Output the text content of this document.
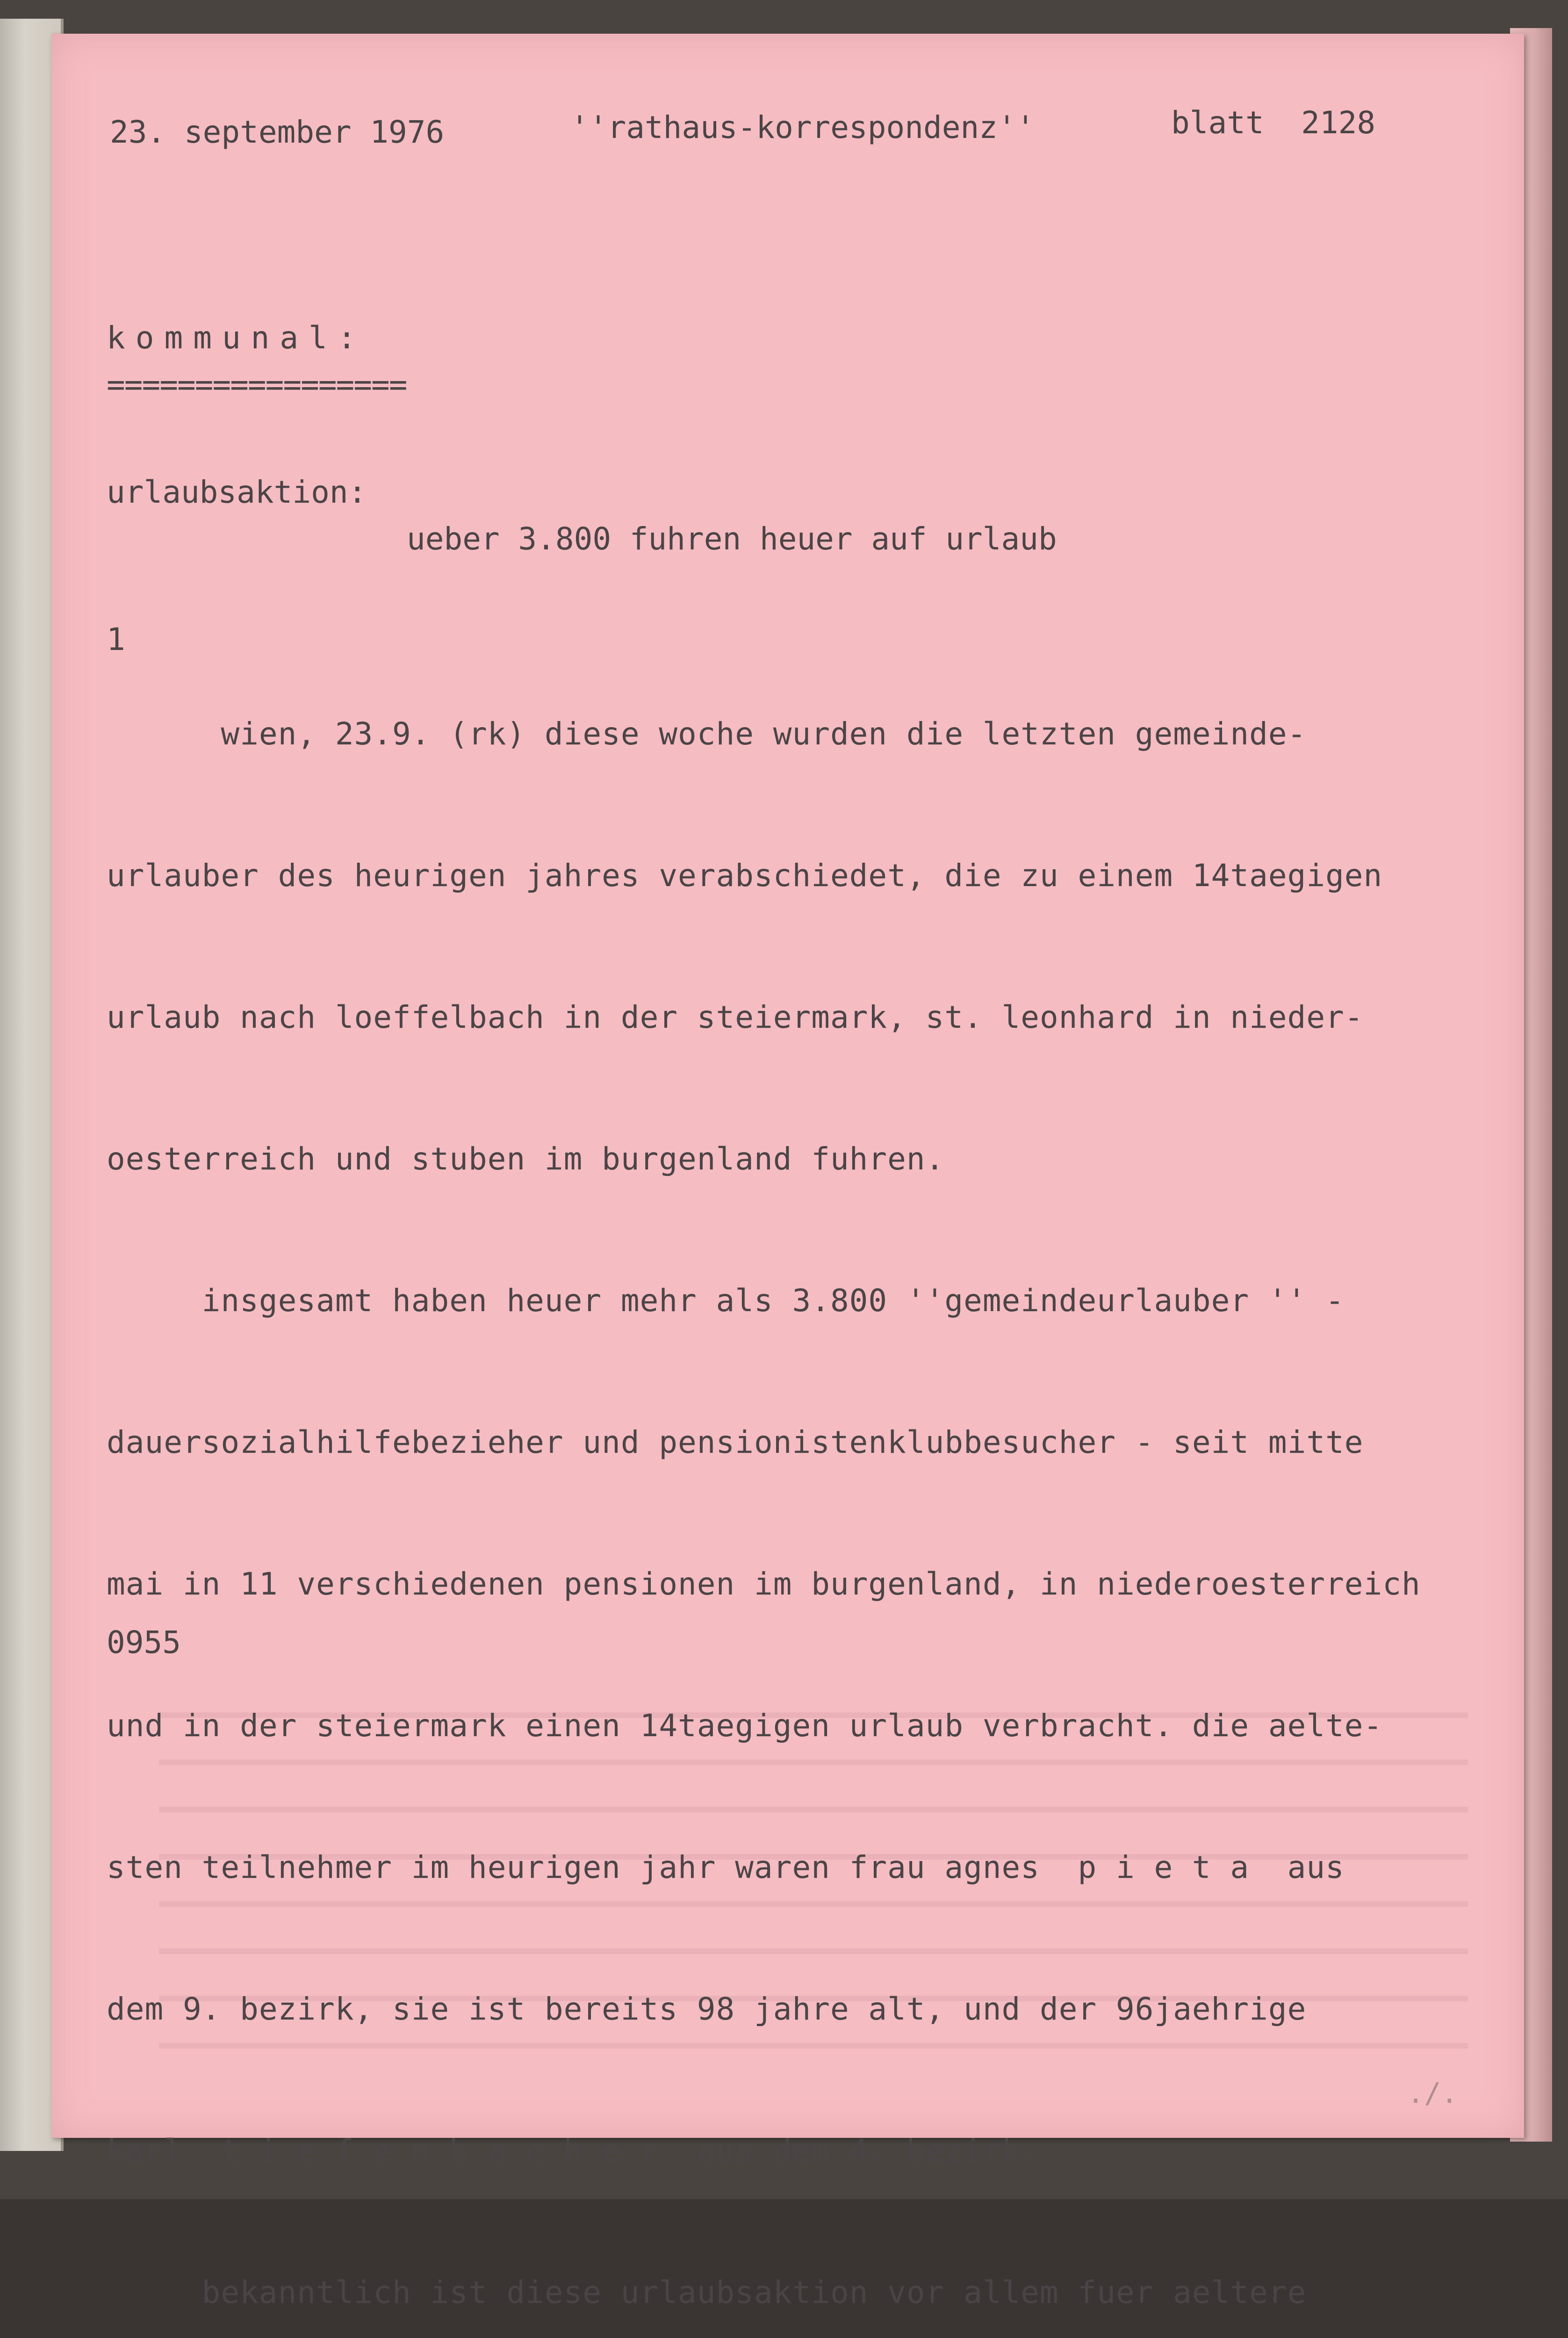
23. september 1976	''rathaus-korrespondenz''	blatt  2128
kommunal:
=================
urlaubsaktion:
ueber 3.800 fuhren heuer auf urlaub
1

wien, 23.9. (rk) diese woche wurden die letzten gemeinde-

urlauber des heurigen jahres verabschiedet, die zu einem 14taegigen

urlaub nach loeffelbach in der steiermark, st. leonhard in nieder-

oesterreich und stuben im burgenland fuhren.

insgesamt haben heuer mehr als 3.800 ''gemeindeurlauber '' -

dauersozialhilfebezieher und pensionistenklubbesucher - seit mitte

mai in 11 verschiedenen pensionen im burgenland, in niederoesterreich

und in der steiermark einen 14taegigen urlaub verbracht. die aelte-

sten teilnehmer im heurigen jahr waren frau agnes  p i e t a  aus

dem 9. bezirk, sie ist bereits 98 jahre alt, und der 96jaehrige

karl  t i e f e n b a c h e r  aus dem 4. bezirk.

bekanntlich ist diese urlaubsaktion vor allem fuer aeltere

0955
./.
